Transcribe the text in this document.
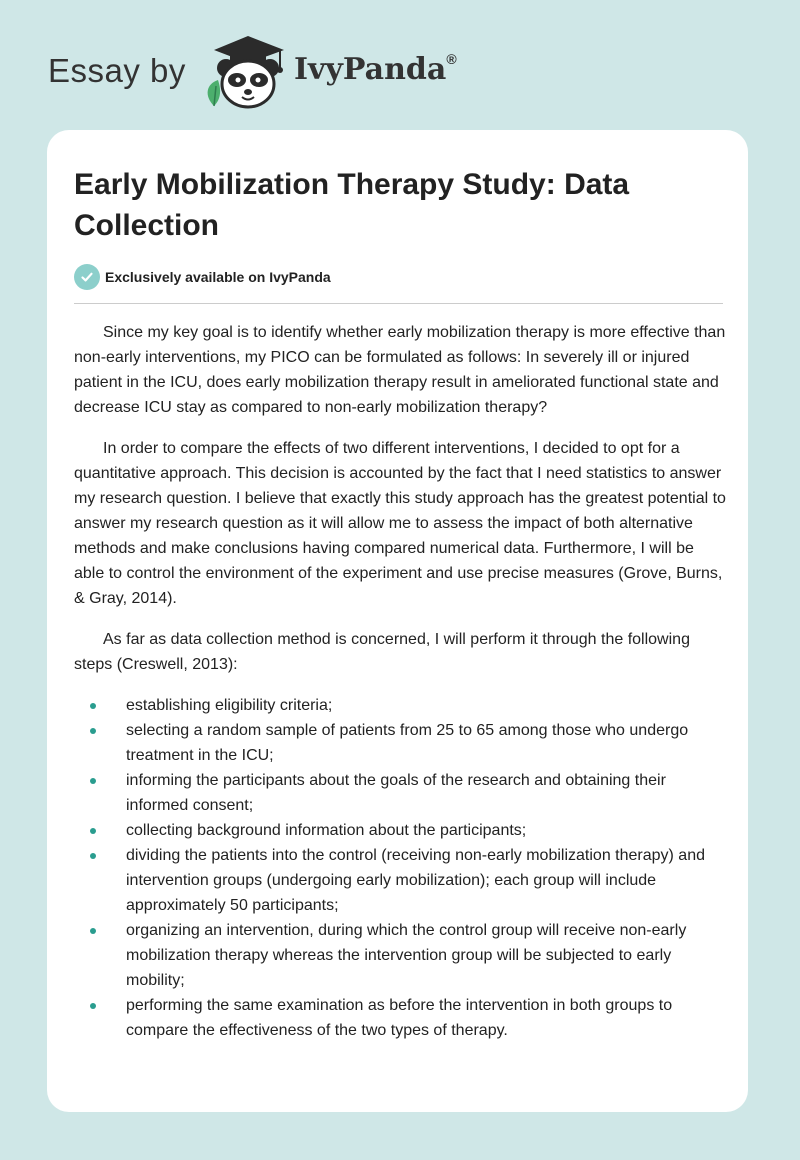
Essay by	IvyPanda®
Early Mobilization Therapy Study: Data Collection
Exclusively available on IvyPanda

Since my key goal is to identify whether early mobilization therapy is more effective than non-early interventions, my PICO can be formulated as follows: In severely ill or injured patient in the ICU, does early mobilization therapy result in ameliorated functional state and decrease ICU stay as compared to non-early mobilization therapy?

In order to compare the effects of two different interventions, I decided to opt for a quantitative approach. This decision is accounted by the fact that I need statistics to answer my research question. I believe that exactly this study approach has the greatest potential to answer my research question as it will allow me to assess the impact of both alternative methods and make conclusions having compared numerical data. Furthermore, I will be able to control the environment of the experiment and use precise measures (Grove, Burns, & Gray, 2014).

As far as data collection method is concerned, I will perform it through the following steps (Creswell, 2013):

establishing eligibility criteria;
selecting a random sample of patients from 25 to 65 among those who undergo treatment in the ICU;
informing the participants about the goals of the research and obtaining their informed consent;
collecting background information about the participants;
dividing the patients into the control (receiving non-early mobilization therapy) and intervention groups (undergoing early mobilization); each group will include approximately 50 participants;
organizing an intervention, during which the control group will receive non-early mobilization therapy whereas the intervention group will be subjected to early mobility;
performing the same examination as before the intervention in both groups to compare the effectiveness of the two types of therapy.
